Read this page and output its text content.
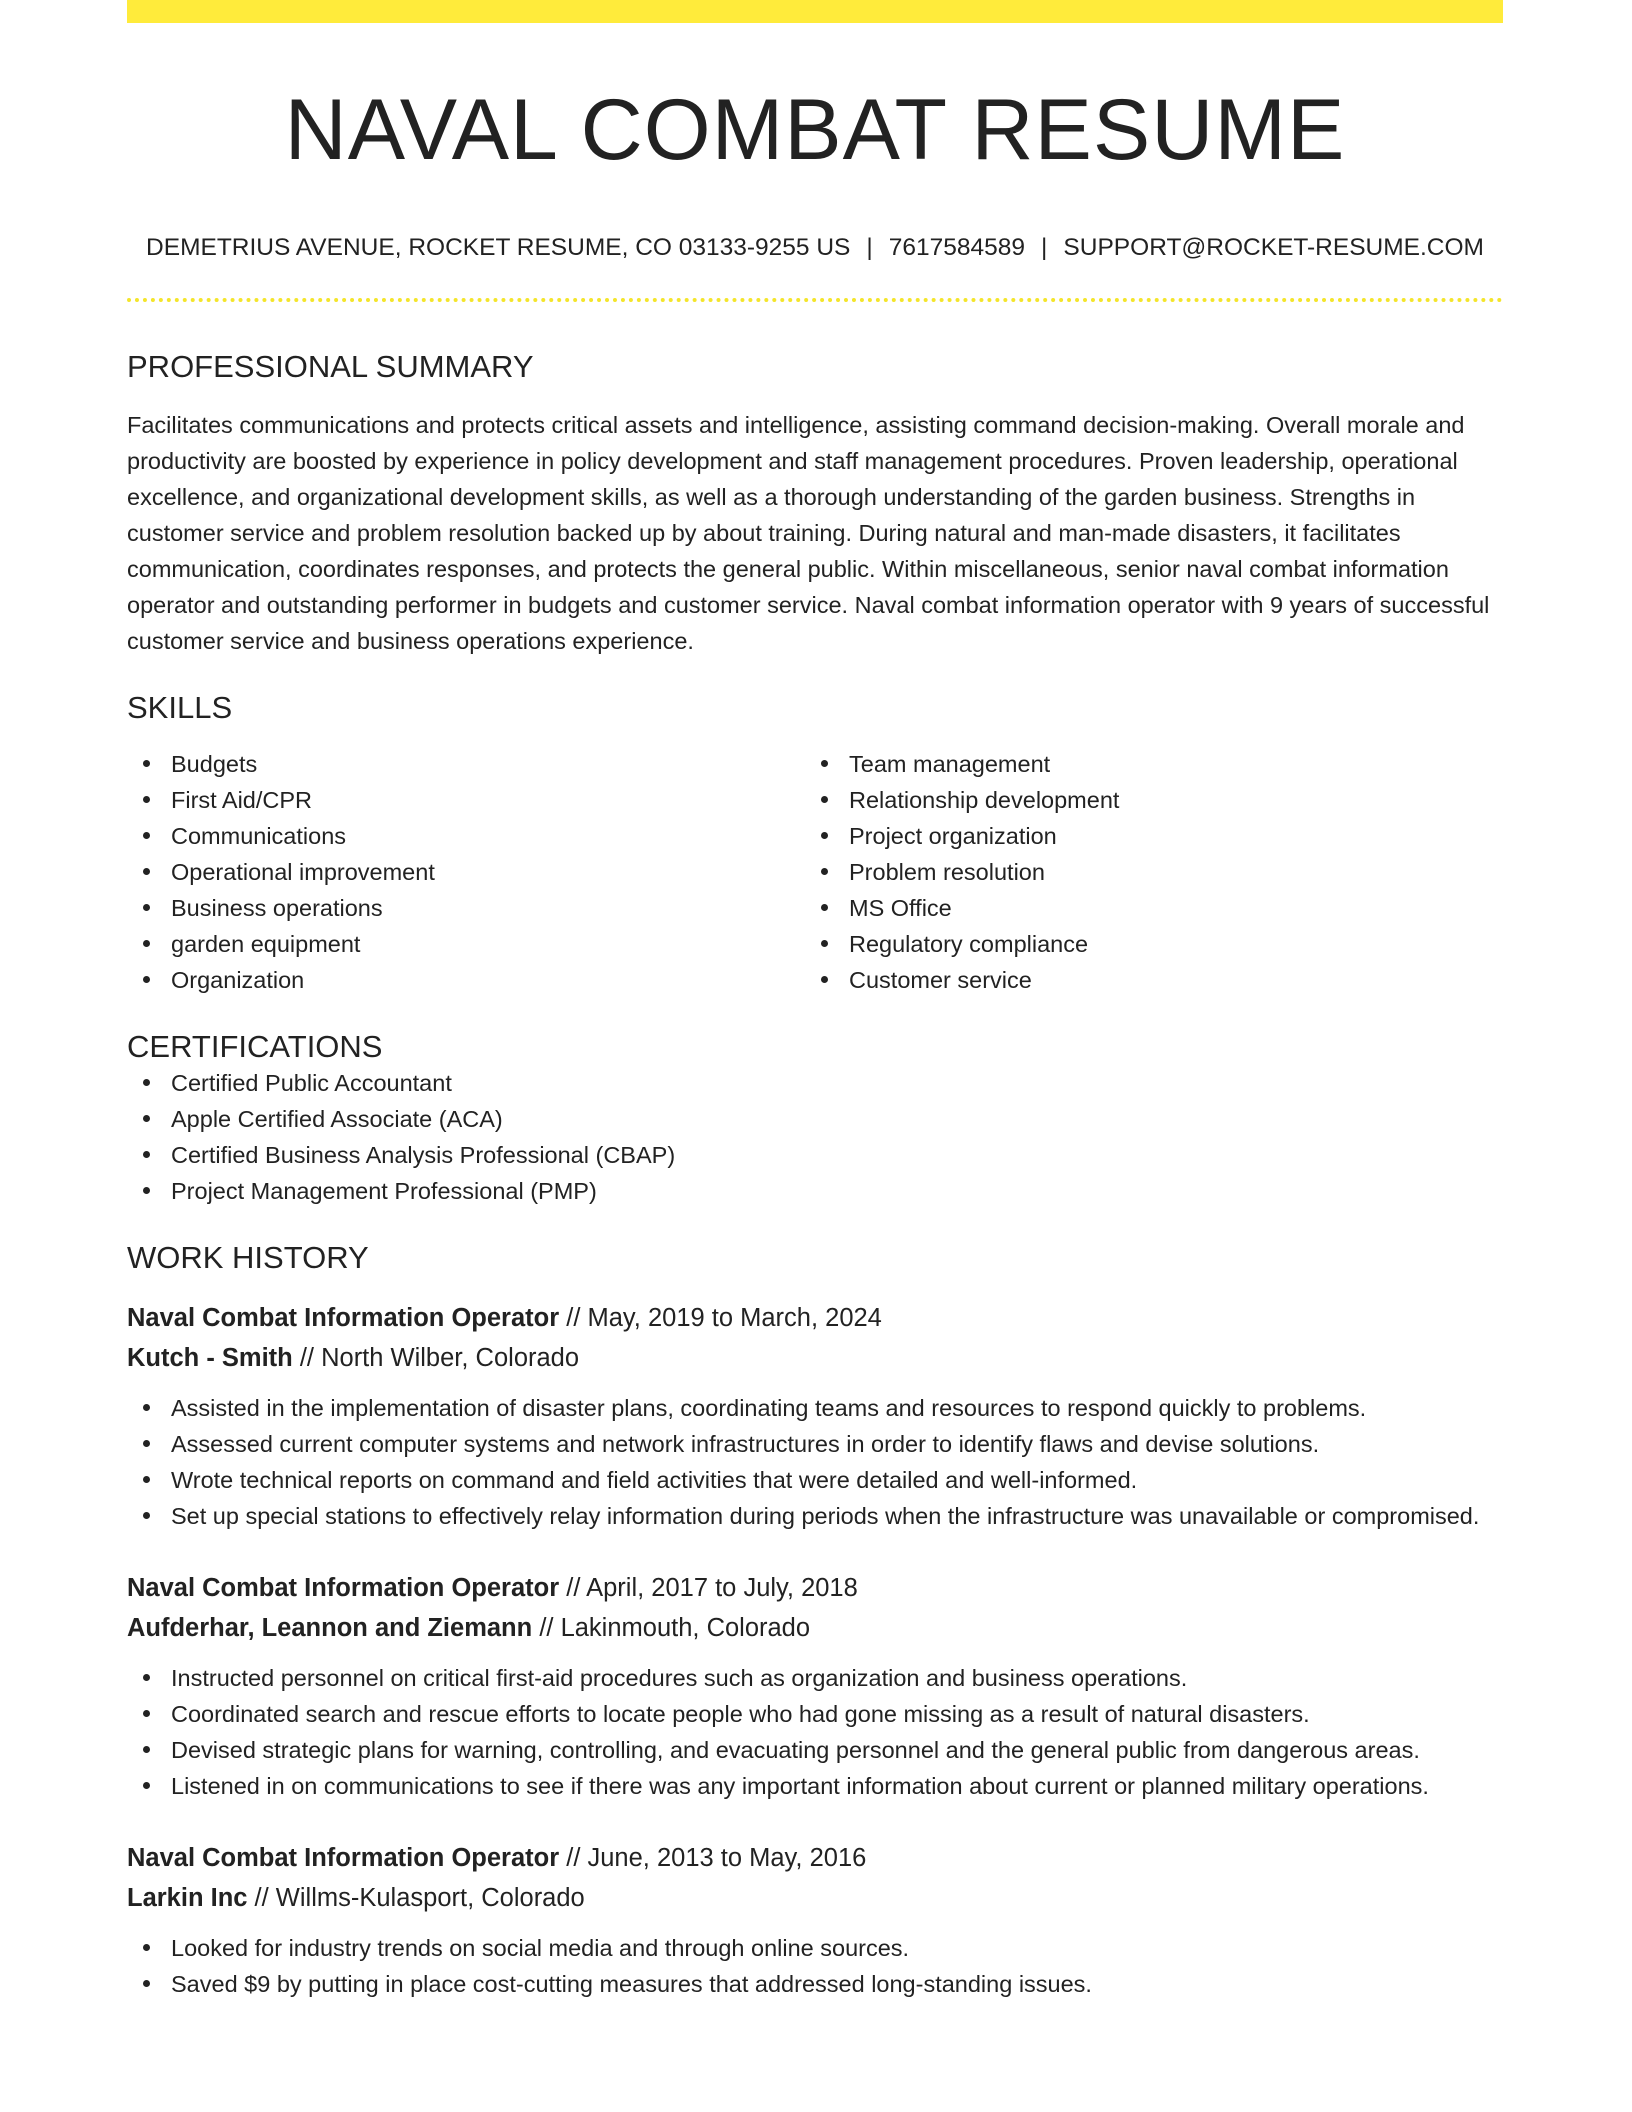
NAVAL COMBAT RESUME
DEMETRIUS AVENUE, ROCKET RESUME, CO 03133-9255 US | 7617584589 | SUPPORT@ROCKET-RESUME.COM
PROFESSIONAL SUMMARY

Facilitates communications and protects critical assets and intelligence, assisting command decision-making. Overall morale and productivity are boosted by experience in policy development and staff management procedures. Proven leadership, operational excellence, and organizational development skills, as well as a thorough understanding of the garden business. Strengths in customer service and problem resolution backed up by about training. During natural and man-made disasters, it facilitates communication, coordinates responses, and protects the general public. Within miscellaneous, senior naval combat information operator and outstanding performer in budgets and customer service. Naval combat information operator with 9 years of successful customer service and business operations experience.

SKILLS
Budgets
First Aid/CPR
Communications
Operational improvement
Business operations
garden equipment
Organization
Team management
Relationship development
Project organization
Problem resolution
MS Office
Regulatory compliance
Customer service
CERTIFICATIONS
Certified Public Accountant
Apple Certified Associate (ACA)
Certified Business Analysis Professional (CBAP)
Project Management Professional (PMP)
WORK HISTORY
Naval Combat Information Operator // May, 2019 to March, 2024
Kutch - Smith // North Wilber, Colorado
Assisted in the implementation of disaster plans, coordinating teams and resources to respond quickly to problems.
Assessed current computer systems and network infrastructures in order to identify flaws and devise solutions.
Wrote technical reports on command and field activities that were detailed and well-informed.
Set up special stations to effectively relay information during periods when the infrastructure was unavailable or compromised.
Naval Combat Information Operator // April, 2017 to July, 2018
Aufderhar, Leannon and Ziemann // Lakinmouth, Colorado
Instructed personnel on critical first-aid procedures such as organization and business operations.
Coordinated search and rescue efforts to locate people who had gone missing as a result of natural disasters.
Devised strategic plans for warning, controlling, and evacuating personnel and the general public from dangerous areas.
Listened in on communications to see if there was any important information about current or planned military operations.
Naval Combat Information Operator // June, 2013 to May, 2016
Larkin Inc // Willms-Kulasport, Colorado
Looked for industry trends on social media and through online sources.
Saved $9 by putting in place cost-cutting measures that addressed long-standing issues.
